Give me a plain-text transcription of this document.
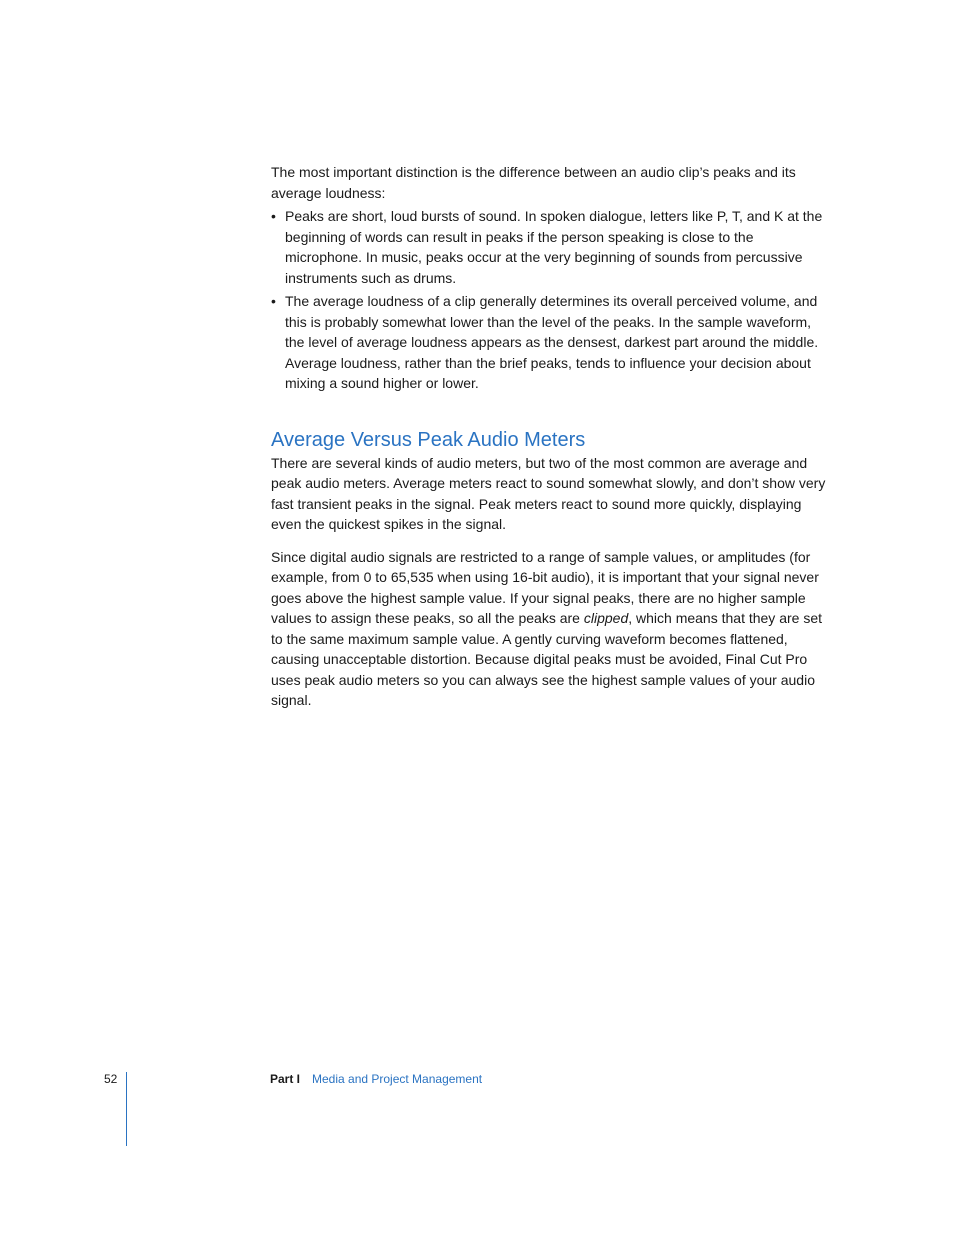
The most important distinction is the difference between an audio clip’s peaks and its average loudness:

• Peaks are short, loud bursts of sound. In spoken dialogue, letters like P, T, and K at the beginning of words can result in peaks if the person speaking is close to the microphone. In music, peaks occur at the very beginning of sounds from percussive instruments such as drums.
• The average loudness of a clip generally determines its overall perceived volume, and this is probably somewhat lower than the level of the peaks. In the sample waveform, the level of average loudness appears as the densest, darkest part around the middle. Average loudness, rather than the brief peaks, tends to influence your decision about mixing a sound higher or lower.
Average Versus Peak Audio Meters

There are several kinds of audio meters, but two of the most common are average and peak audio meters. Average meters react to sound somewhat slowly, and don’t show very fast transient peaks in the signal. Peak meters react to sound more quickly, displaying even the quickest spikes in the signal.

Since digital audio signals are restricted to a range of sample values, or amplitudes (for example, from 0 to 65,535 when using 16-bit audio), it is important that your signal never goes above the highest sample value. If your signal peaks, there are no higher sample values to assign these peaks, so all the peaks are clipped, which means that they are set to the same maximum sample value. A gently curving waveform becomes flattened, causing unacceptable distortion. Because digital peaks must be avoided, Final Cut Pro uses peak audio meters so you can always see the highest sample values of your audio signal.

52	Part I Media and Project Management
